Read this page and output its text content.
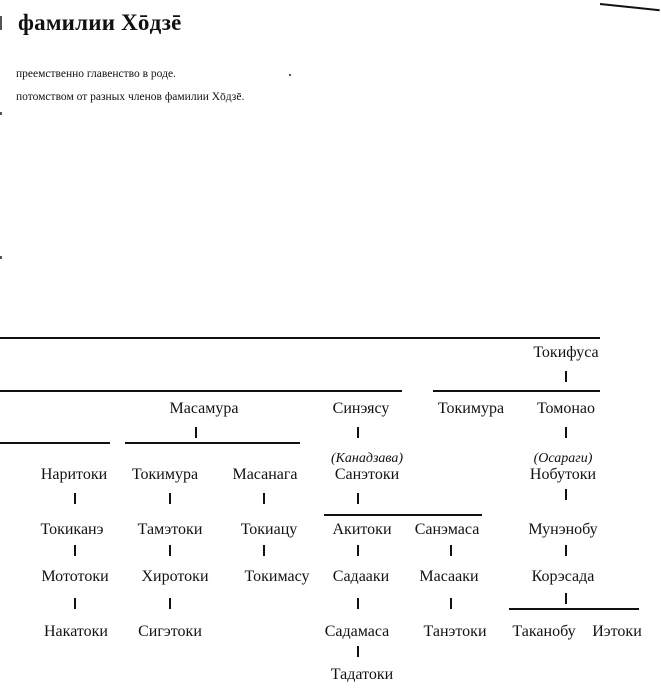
фамилии Хōдзē
преемственно главенство в роде.
потомством от разных членов фамилии Хōдзē.
Токифуса
Масамура	Синэясу	Токимура Томонао
(Канадзава)	(Осараги)
Наритоки Токимура Масанага Санэтоки	Нобутоки
Токиканэ Тамэтоки Токиацу Акитоки Санэмаса	Мунэнобу
Мототоки Хиротоки Токимасу Садааки Масааки	Корэсада
Накатоки Сигэтоки	Садамаса Танэтоки Таканобу Иэтоки
Тадатоки
